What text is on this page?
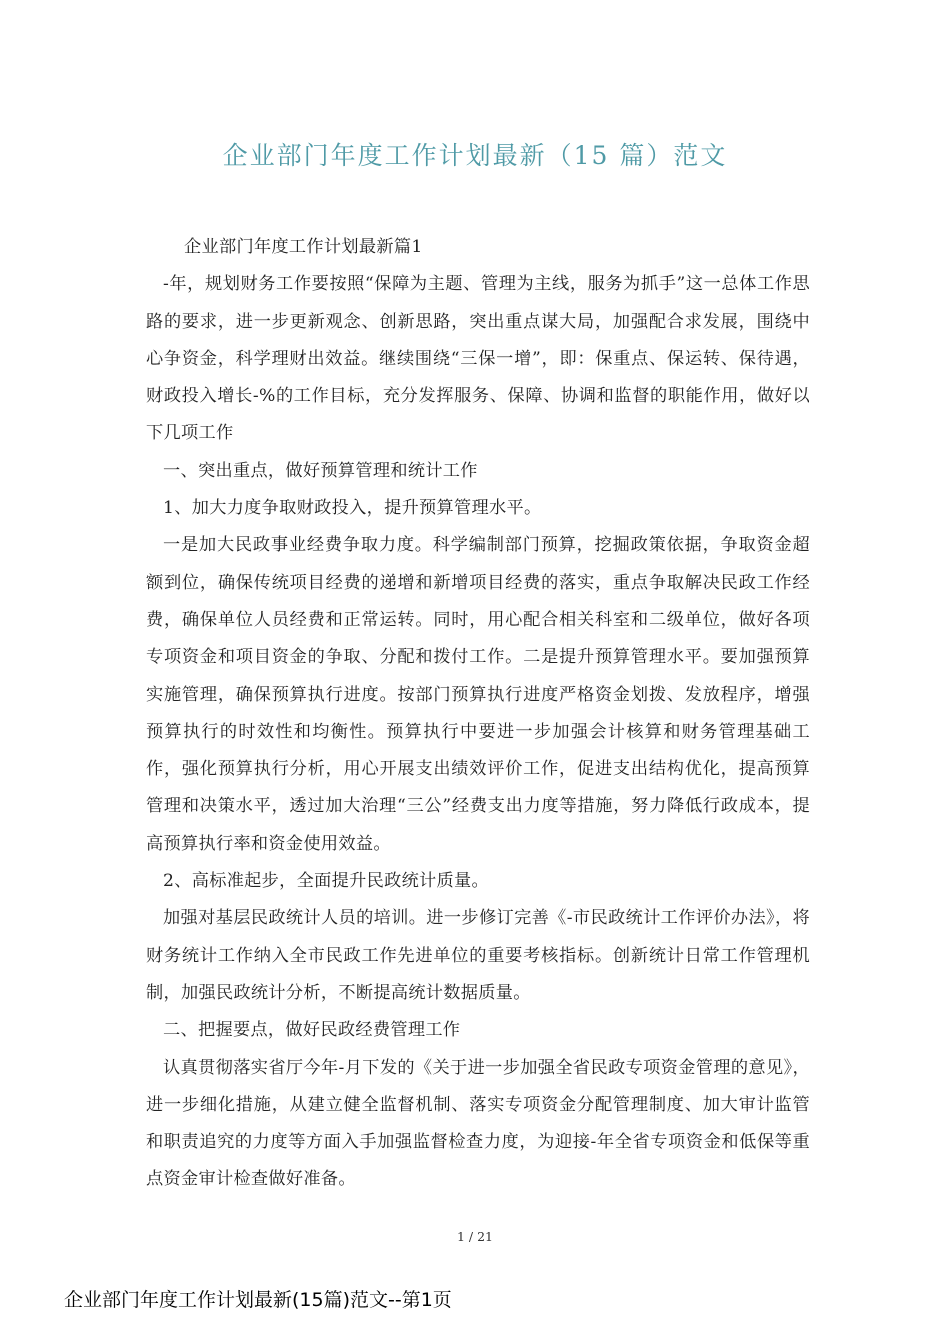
企业部门年度工作计划最新（15 篇）范文

企业部门年度工作计划最新篇1

-年，规划财务工作要按照“保障为主题、管理为主线，服务为抓手”这一总体工作思路的要求，进一步更新观念、创新思路，突出重点谋大局，加强配合求发展，围绕中心争资金，科学理财出效益。继续围绕“三保一增”，即：保重点、保运转、保待遇，财政投入增长-%的工作目标，充分发挥服务、保障、协调和监督的职能作用，做好以下几项工作

一、突出重点，做好预算管理和统计工作

1、加大力度争取财政投入，提升预算管理水平。

一是加大民政事业经费争取力度。科学编制部门预算，挖掘政策依据，争取资金超额到位，确保传统项目经费的递增和新增项目经费的落实，重点争取解决民政工作经费，确保单位人员经费和正常运转。同时，用心配合相关科室和二级单位，做好各项专项资金和项目资金的争取、分配和拨付工作。二是提升预算管理水平。要加强预算实施管理，确保预算执行进度。按部门预算执行进度严格资金划拨、发放程序，增强预算执行的时效性和均衡性。预算执行中要进一步加强会计核算和财务管理基础工作，强化预算执行分析，用心开展支出绩效评价工作，促进支出结构优化，提高预算管理和决策水平，透过加大治理“三公”经费支出力度等措施，努力降低行政成本，提高预算执行率和资金使用效益。

2、高标准起步，全面提升民政统计质量。

加强对基层民政统计人员的培训。进一步修订完善《-市民政统计工作评价办法》，将财务统计工作纳入全市民政工作先进单位的重要考核指标。创新统计日常工作管理机制，加强民政统计分析，不断提高统计数据质量。

二、把握要点，做好民政经费管理工作

认真贯彻落实省厅今年-月下发的《关于进一步加强全省民政专项资金管理的意见》，进一步细化措施，从建立健全监督机制、落实专项资金分配管理制度、加大审计监管和职责追究的力度等方面入手加强监督检查力度，为迎接-年全省专项资金和低保等重点资金审计检查做好准备。

1 / 21
企业部门年度工作计划最新(15篇)范文--第1页
